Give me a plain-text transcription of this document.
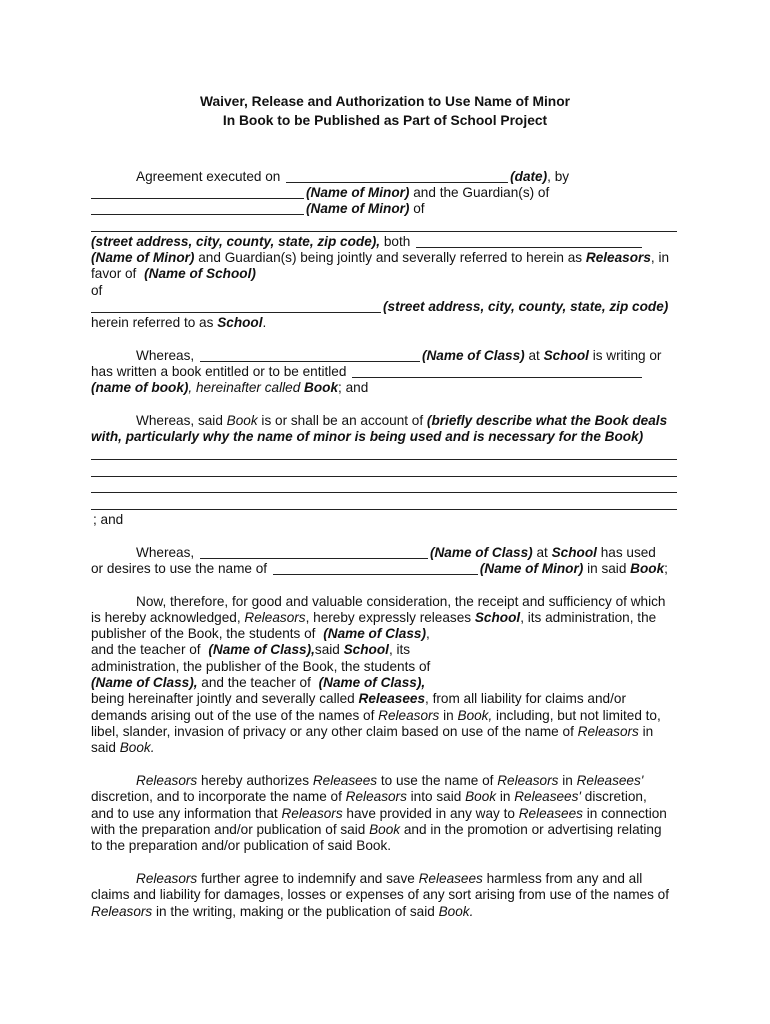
Waiver, Release and Authorization to Use Name of Minor
In Book to be Published as Part of School Project
Agreement executed on	(date) , by
(Name of Minor) and the Guardian(s) of
(Name of Minor) of
(street address, city, county, state, zip code), both
(Name of Minor) and Guardian(s) being jointly and severally referred to herein as Releasors, in
favor of (Name of School)
of
(street address, city, county, state, zip code)
herein referred to as School .
Whereas,	(Name of Class) at School is writing or
has written a book entitled or to be entitled
(name of book) , hereinafter called Book ; and
Whereas, said Book is or shall be an account of (briefly describe what the Book deals
with, particularly why the name of minor is being used and is necessary for the Book)
; and
Whereas,	(Name of Class) at School has used
or desires to use the name of	(Name of Minor) in said Book ;
Now, therefore, for good and valuable consideration, the receipt and sufficiency of which
is hereby acknowledged, Releasors , hereby expressly releases School , its administration, the
publisher of the Book, the students of (Name of Class) ,
and the teacher of (Name of Class), said School , its
administration, the publisher of the Book, the students of
(Name of Class), and the teacher of (Name of Class),
being hereinafter jointly and severally called Releasees , from all liability for claims and/or
demands arising out of the use of the names of Releasors in Book, including, but not limited to,
libel, slander, invasion of privacy or any other claim based on use of the name of Releasors in
said Book.
Releasors hereby authorizes Releasees to use the name of Releasors in Releasees'
discretion, and to incorporate the name of Releasors into said Book in Releasees' discretion,
and to use any information that Releasors have provided in any way to Releasees in connection
with the preparation and/or publication of said Book and in the promotion or advertising relating
to the preparation and/or publication of said Book.
Releasors further agree to indemnify and save Releasees harmless from any and all
claims and liability for damages, losses or expenses of any sort arising from use of the names of
Releasors in the writing, making or the publication of said Book.
